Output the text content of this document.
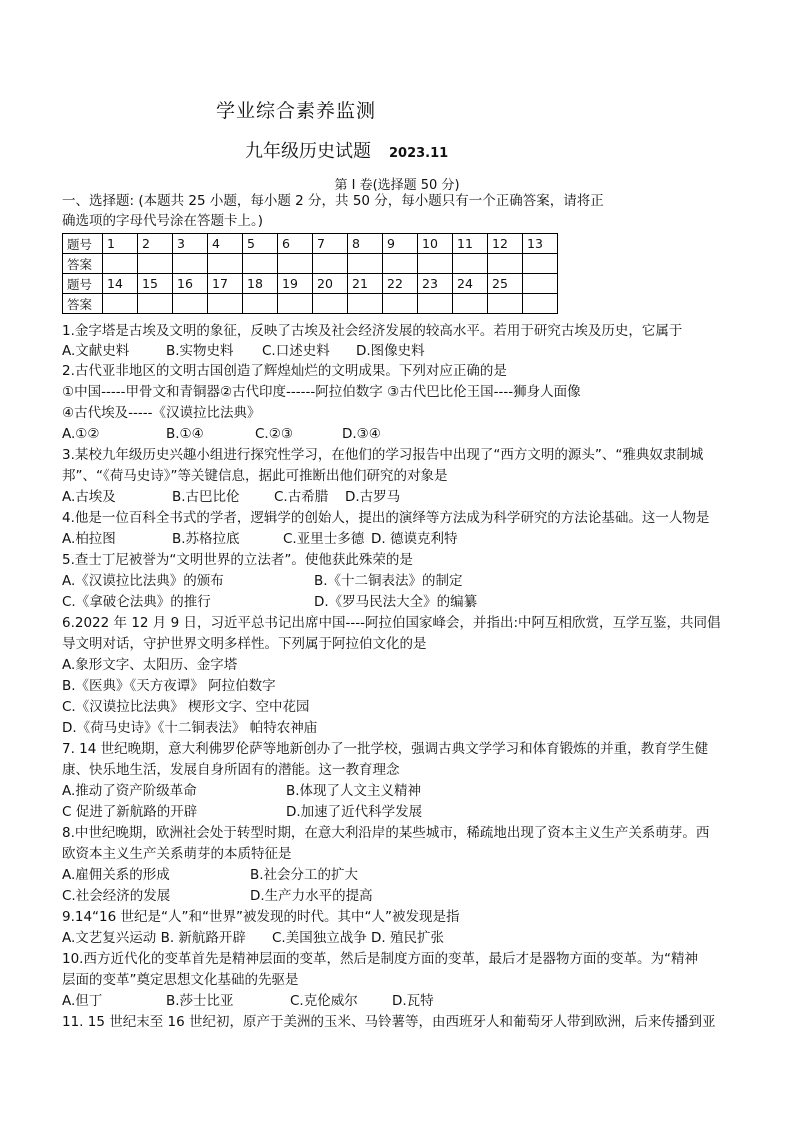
学业综合素养监测
九年级历史试题 2023.11
第 I 卷(选择题 50 分)
一、选择题: (本题共 25 小题，每小题 2 分，共 50 分，每小题只有一个正确答案，请将正
确选项的字母代号涂在答题卡上。)
题号	1	2	3	4	5	6	7	8	9	10	11	12	13
答案													
题号	14	15	16	17	18	19	20	21	22	23	24	25	
答案													
1.金字塔是古埃及文明的象征，反映了古埃及社会经济发展的较高水平。若用于研究古埃及历史，它属于
A.文献史料	B.实物史料 C.口述史料 D.图像史料
2.古代亚非地区的文明古国创造了辉煌灿烂的文明成果。下列对应正确的是
①中国-----甲骨文和青铜器②古代印度------阿拉伯数字 ③古代巴比伦王国----狮身人面像
④古代埃及-----《汉谟拉比法典》
A.①②	B.①④	C.②③	D.③④
3.某校九年级历史兴趣小组进行探究性学习，在他们的学习报告中出现了“西方文明的源头”、“雅典奴隶制城
邦”、“《荷马史诗》”等关键信息，据此可推断出他们研究的对象是
A.古埃及	B.古巴比伦	C.古希腊 D.古罗马
4.他是一位百科全书式的学者，逻辑学的创始人，提出的演绎等方法成为科学研究的方法论基础。这一人物是
A.柏拉图	B.苏格拉底	C.亚里士多德 D. 德谟克利特
5.查士丁尼被誉为“文明世界的立法者”。使他获此殊荣的是
A.《汉谟拉比法典》的颁布	B.《十二铜表法》的制定
C.《拿破仑法典》的推行	D.《罗马民法大全》的编纂
6.2022 年 12 月 9 日，习近平总书记出席中国----阿拉伯国家峰会，并指出:中阿互相欣赏，互学互鉴，共同倡
导文明对话，守护世界文明多样性。下列属于阿拉伯文化的是
A.象形文字、太阳历、金字塔
B.《医典》《天方夜谭》 阿拉伯数字
C.《汉谟拉比法典》 楔形文字、空中花园
D.《荷马史诗》《十二铜表法》 帕特农神庙
7. 14 世纪晚期，意大利佛罗伦萨等地新创办了一批学校，强调古典文学学习和体育锻炼的并重，教育学生健
康、快乐地生活，发展自身所固有的潜能。这一教育理念
A.推动了资产阶级革命	B.体现了人文主义精神
C 促进了新航路的开辟	D.加速了近代科学发展
8.中世纪晚期，欧洲社会处于转型时期，在意大利沿岸的某些城市，稀疏地出现了资本主义生产关系萌芽。西
欧资本主义生产关系萌芽的本质特征是
A.雇佣关系的形成	B.社会分工的扩大
C.社会经济的发展	D.生产力水平的提高
9.14“16 世纪是“人”和“世界”被发现的时代。其中“人”被发现是指
A.文艺复兴运动 B. 新航路开辟 C.美国独立战争 D. 殖民扩张
10.西方近代化的变革首先是精神层面的变革，然后是制度方面的变革，最后才是器物方面的变革。为“精神
层面的变革”奠定思想文化基础的先驱是
A.但丁	B.莎士比亚	C.克伦威尔	D.瓦特
11. 15 世纪末至 16 世纪初，原产于美洲的玉米、马铃薯等，由西班牙人和葡萄牙人带到欧洲，后来传播到亚
